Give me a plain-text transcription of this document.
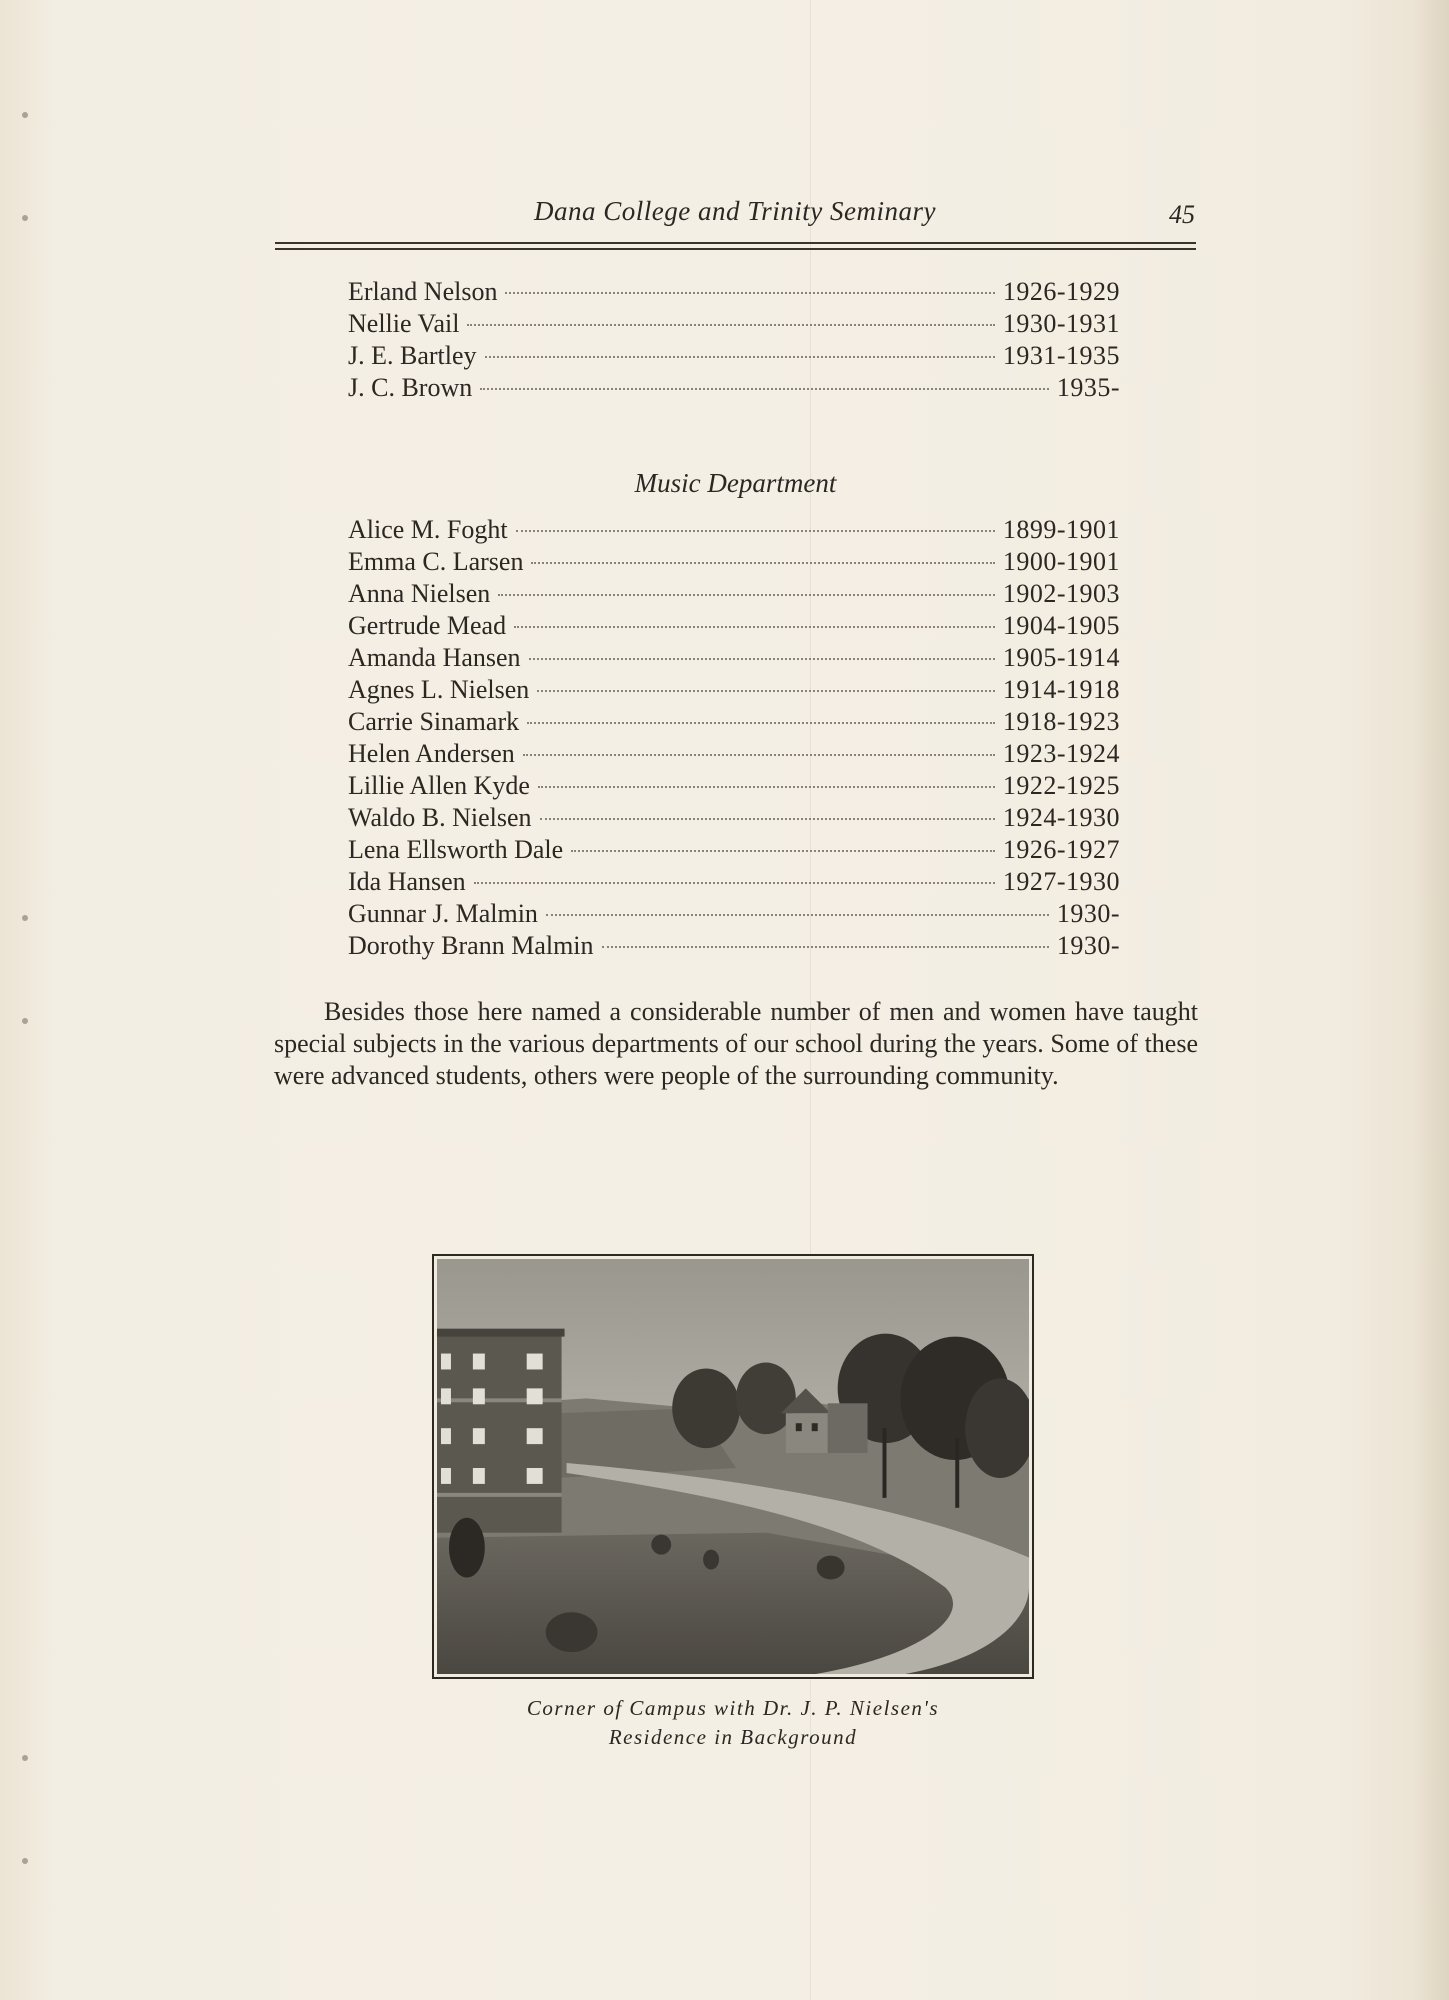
Dana College and Trinity Seminary	45
Erland Nelson	1926-1929
Nellie Vail	1930-1931
J. E. Bartley	1931-1935
J. C. Brown	1935-
Music Department
Alice M. Foght	1899-1901
Emma C. Larsen	1900-1901
Anna Nielsen	1902-1903
Gertrude Mead	1904-1905
Amanda Hansen	1905-1914
Agnes L. Nielsen	1914-1918
Carrie Sinamark	1918-1923
Helen Andersen	1923-1924
Lillie Allen Kyde	1922-1925
Waldo B. Nielsen	1924-1930
Lena Ellsworth Dale	1926-1927
Ida Hansen	1927-1930
Gunnar J. Malmin	1930-
Dorothy Brann Malmin	1930-
Besides those here named a considerable number of men and women have taught special subjects in the various departments of our school during the years. Some of these were advanced students, others were people of the surrounding community.
Corner of Campus with Dr. J. P. Nielsen's
Residence in Background
